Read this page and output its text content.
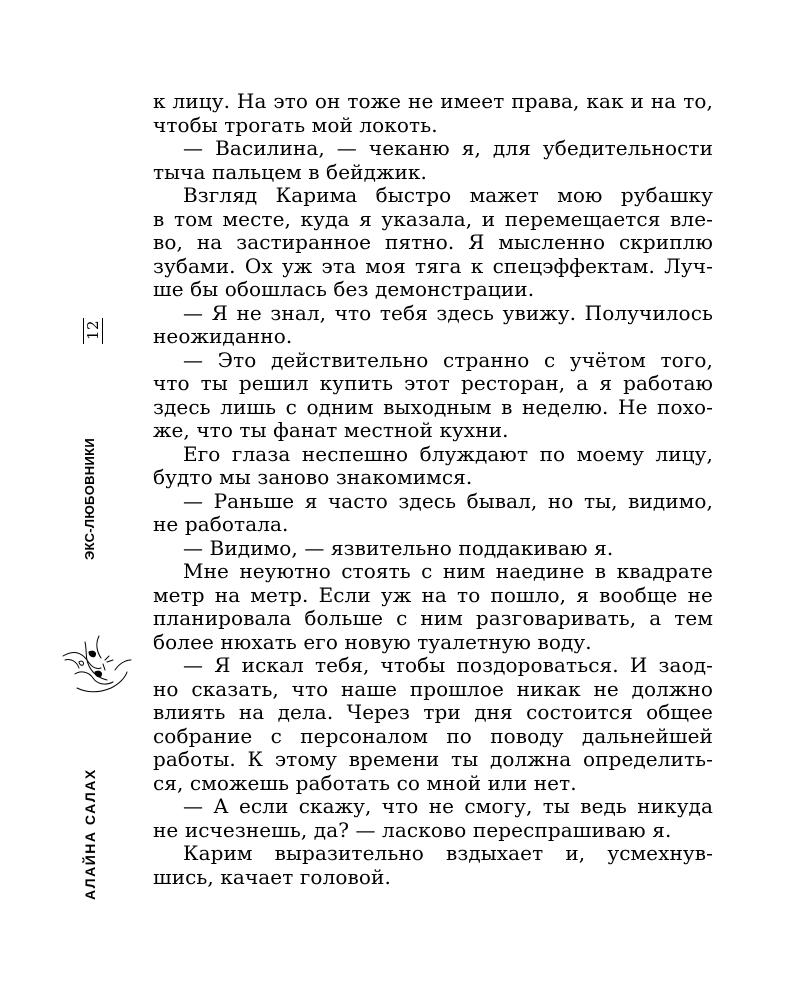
к лицу. На это он тоже не имеет права, как и на то,
чтобы трогать мой локоть.
— Василина, — чеканю я, для убедительности
тыча пальцем в бейджик.
Взгляд Карима быстро мажет мою рубашку
в том месте, куда я указала, и перемещается вле-
во, на застиранное пятно. Я мысленно скриплю
зубами. Ох уж эта моя тяга к спецэффектам. Луч-
ше бы обошлась без демонстрации.
— Я не знал, что тебя здесь увижу. Получилось
неожиданно.
— Это действительно странно с учётом того,
что ты решил купить этот ресторан, а я работаю
здесь лишь с одним выходным в неделю. Не похо-
же, что ты фанат местной кухни.
Его глаза неспешно блуждают по моему лицу,
будто мы заново знакомимся.
— Раньше я часто здесь бывал, но ты, видимо,
не работала.
— Видимо, — язвительно поддакиваю я.
Мне неуютно стоять с ним наедине в квадрате
метр на метр. Если уж на то пошло, я вообще не
планировала больше с ним разговаривать, а тем
более нюхать его новую туалетную воду.
— Я искал тебя, чтобы поздороваться. И заод-
но сказать, что наше прошлое никак не должно
влиять на дела. Через три дня состоится общее
собрание с персоналом по поводу дальнейшей
работы. К этому времени ты должна определить-
ся, сможешь работать со мной или нет.
— А если скажу, что не смогу, ты ведь никуда
не исчезнешь, да? — ласково переспрашиваю я.
Карим выразительно вздыхает и, усмехнув-
шись, качает головой.
12
ЭКС-ЛЮБОВНИКИ
АЛАЙНА САЛАХ
